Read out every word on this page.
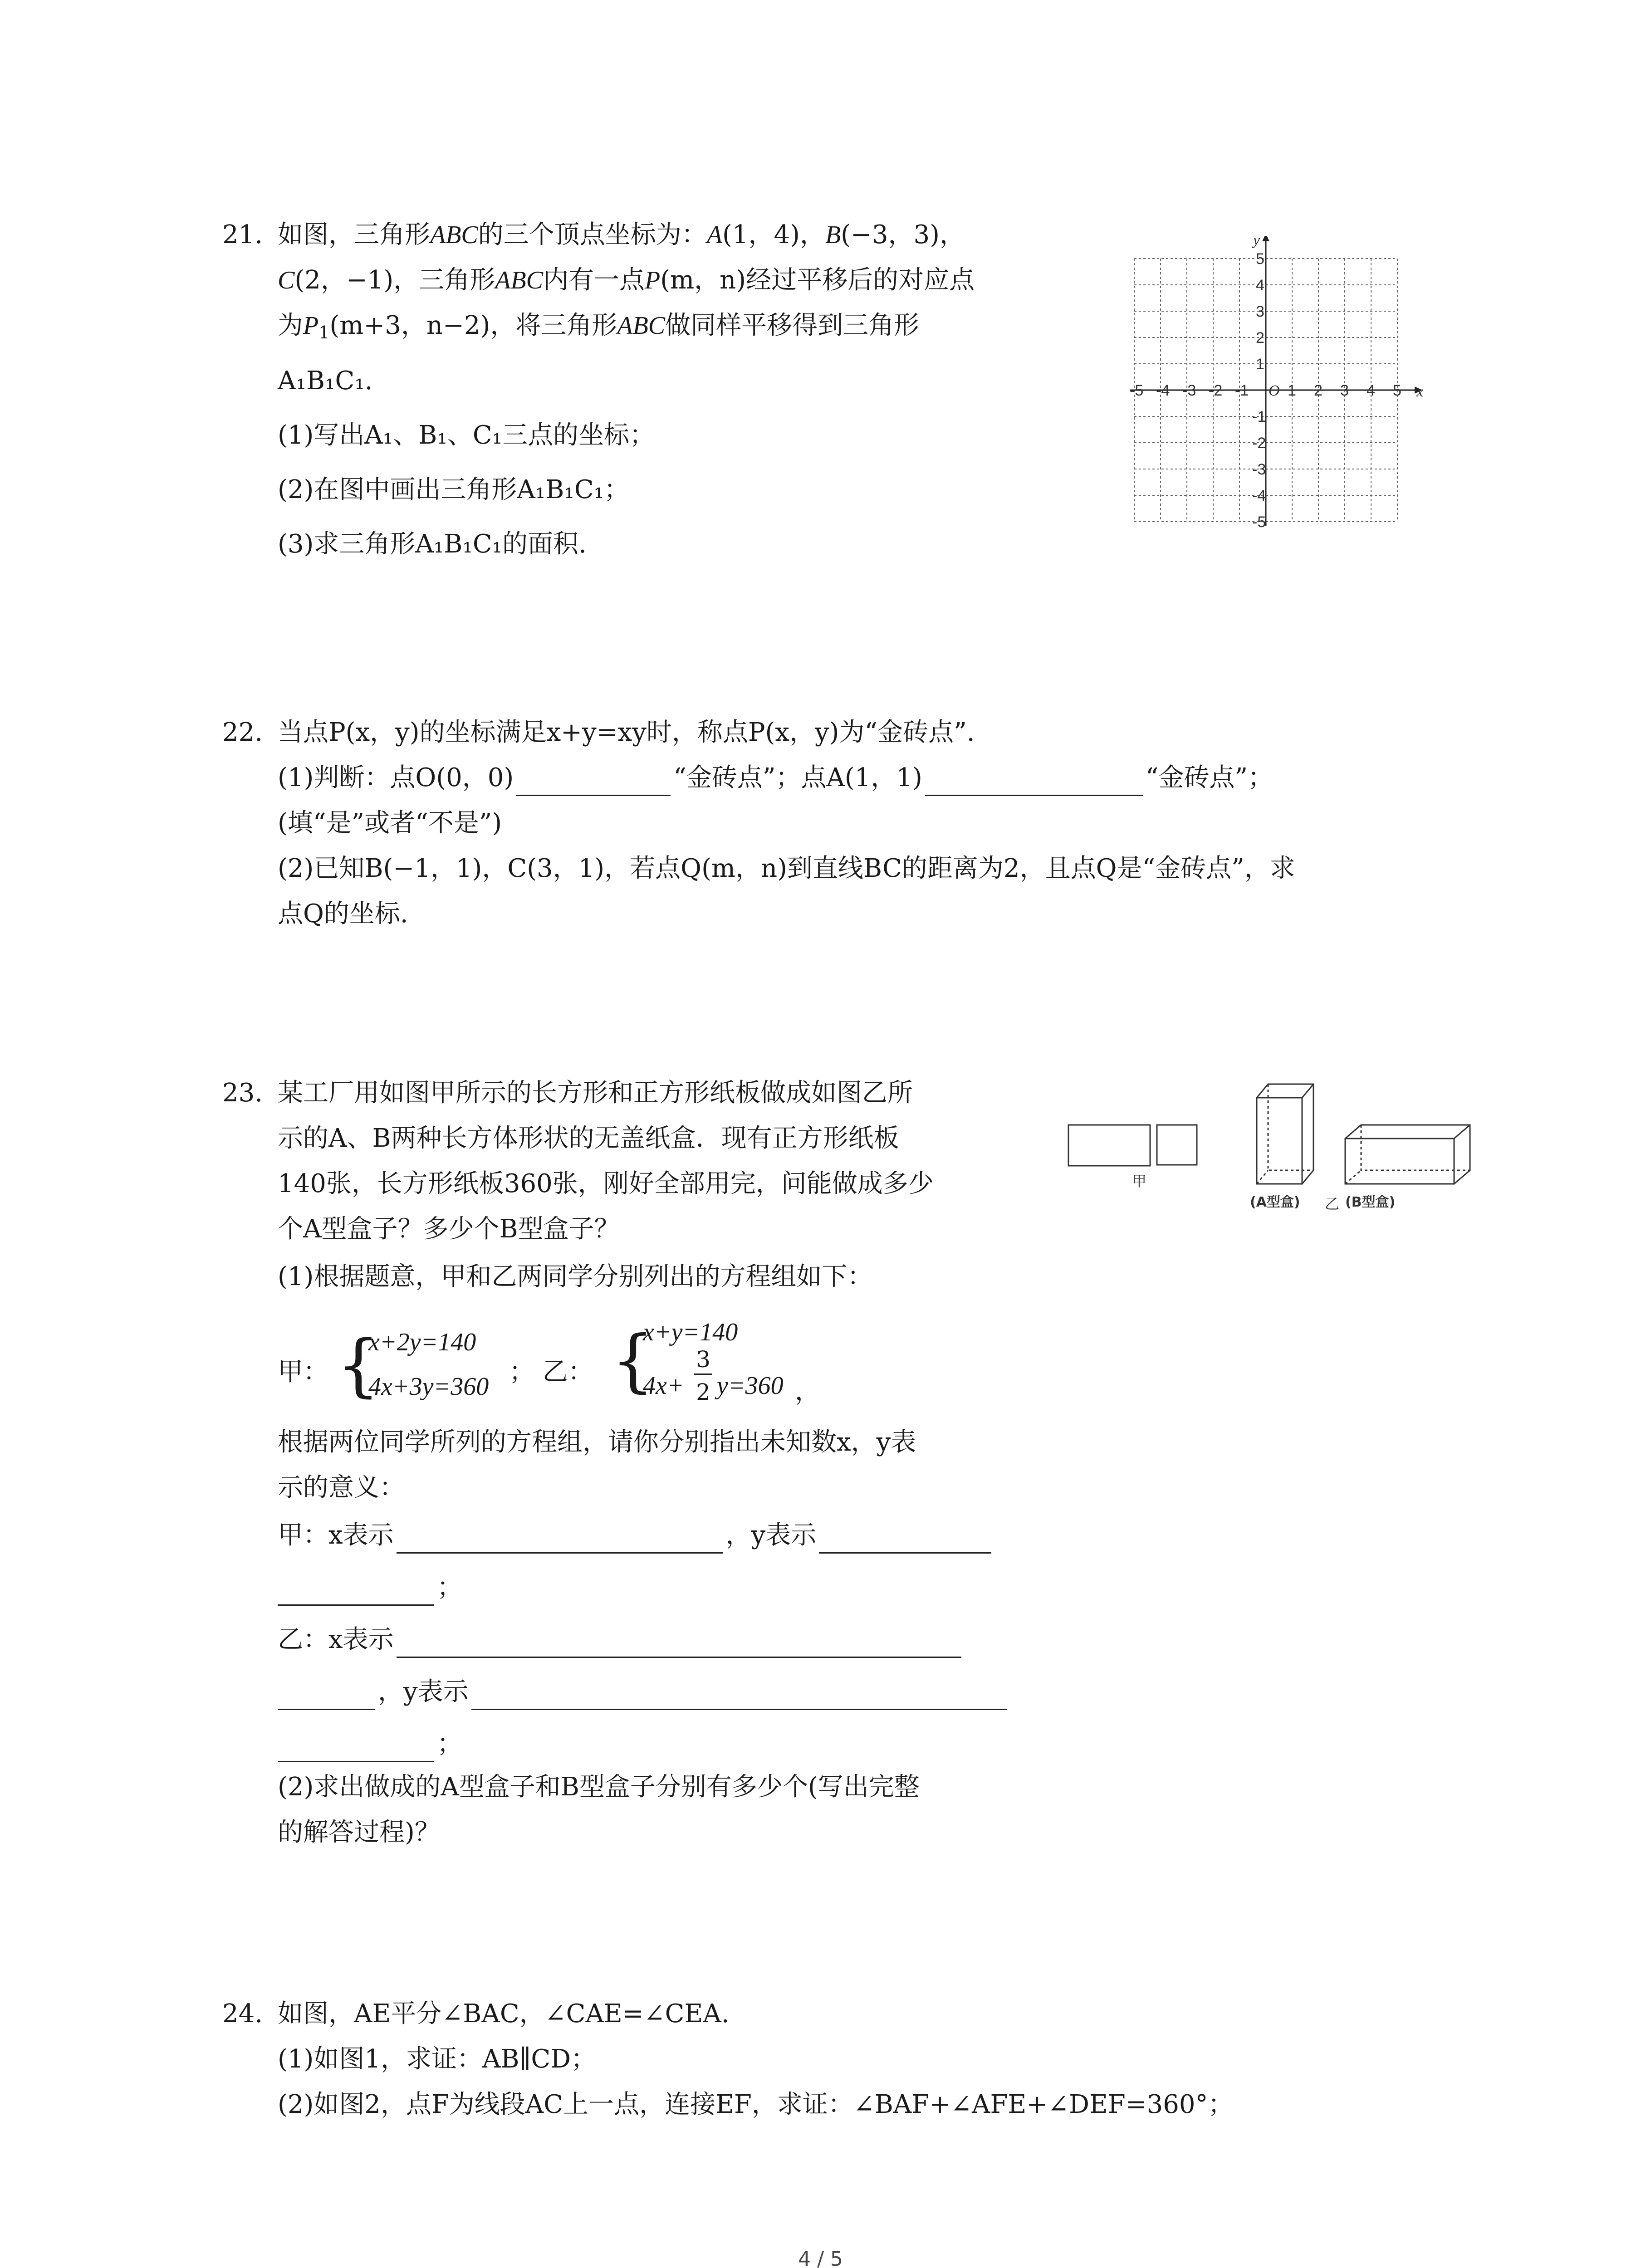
21. 如图，三角形ABC的三个顶点坐标为：A(1，4)，B(−3，3)，
C(2，−1)，三角形ABC内有一点P(m，n)经过平移后的对应点
为$P_1(m+3$，n−2)，将三角形ABC做同样平移得到三角形
A₁B₁C₁.
(1)写出A₁、B₁、C₁三点的坐标；
(2)在图中画出三角形A₁B₁C₁；
(3)求三角形A₁B₁C₁的面积.
-5 -4 -3 -2 -1	1 2 3 4 5
5
4
3
2
1
-1
-2
-3
-4
-5
O	x
y
22. 当点P(x，y)的坐标满足x+y=xy时，称点P(x，y)为“金砖点”.
(1)判断：点O(0，0)	“金砖点”；点A(1，1)	“金砖点”；
(填“是”或者“不是”)
(2)已知B(−1，1)，C(3，1)，若点Q(m，n)到直线BC的距离为2，且点Q是“金砖点”，求
点Q的坐标.
23. 某工厂用如图甲所示的长方形和正方形纸板做成如图乙所
示的A、B两种长方体形状的无盖纸盒．现有正方形纸板
140张，长方形纸板360张，刚好全部用完，问能做成多少
个A型盒子？多少个B型盒子？
(1)根据题意，甲和乙两同学分别列出的方程组如下：
甲
(A型盒) 乙 (B型盒)
甲： {
x+2y=140
4x+3y=360 ； 乙： {
x+y=140
4x+
3
2 y=360 ，
根据两位同学所列的方程组，请你分别指出未知数x，y表
示的意义：
甲：x表示	，y表示
；
乙：x表示
，y表示
；
(2)求出做成的A型盒子和B型盒子分别有多少个(写出完整
的解答过程)？
24. 如图，AE平分∠BAC，∠CAE=∠CEA.
(1)如图1，求证：AB∥CD；
(2)如图2，点F为线段AC上一点，连接EF，求证：∠BAF+∠AFE+∠DEF=360°；
4 / 5
